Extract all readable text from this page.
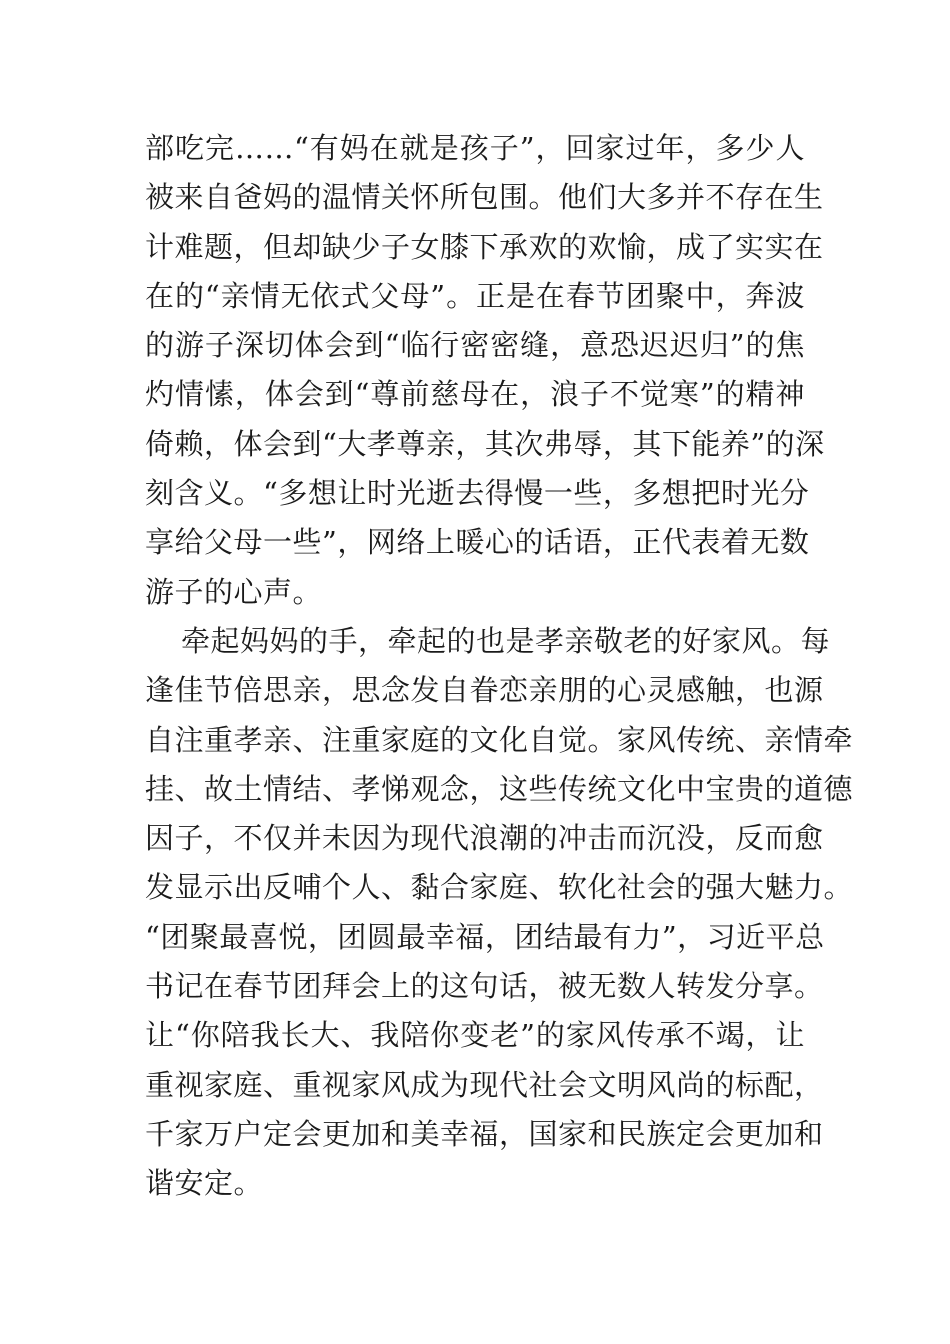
部吃完……“有妈在就是孩子”，回家过年，多少人
被来自爸妈的温情关怀所包围。他们大多并不存在生
计难题，但却缺少子女膝下承欢的欢愉，成了实实在
在的“亲情无依式父母”。正是在春节团聚中，奔波
的游子深切体会到“临行密密缝，意恐迟迟归”的焦
灼情愫，体会到“尊前慈母在，浪子不觉寒”的精神
倚赖，体会到“大孝尊亲，其次弗辱，其下能养”的深
刻含义。“多想让时光逝去得慢一些，多想把时光分
享给父母一些”，网络上暖心的话语，正代表着无数
游子的心声。
牵起妈妈的手，牵起的也是孝亲敬老的好家风。每
逢佳节倍思亲，思念发自眷恋亲朋的心灵感触，也源
自注重孝亲、注重家庭的文化自觉。家风传统、亲情牵
挂、故土情结、孝悌观念，这些传统文化中宝贵的道德
因子，不仅并未因为现代浪潮的冲击而沉没，反而愈
发显示出反哺个人、黏合家庭、软化社会的强大魅力。
“团聚最喜悦，团圆最幸福，团结最有力”，习近平总
书记在春节团拜会上的这句话，被无数人转发分享。
让“你陪我长大、我陪你变老”的家风传承不竭，让
重视家庭、重视家风成为现代社会文明风尚的标配，
千家万户定会更加和美幸福，国家和民族定会更加和
谐安定。
